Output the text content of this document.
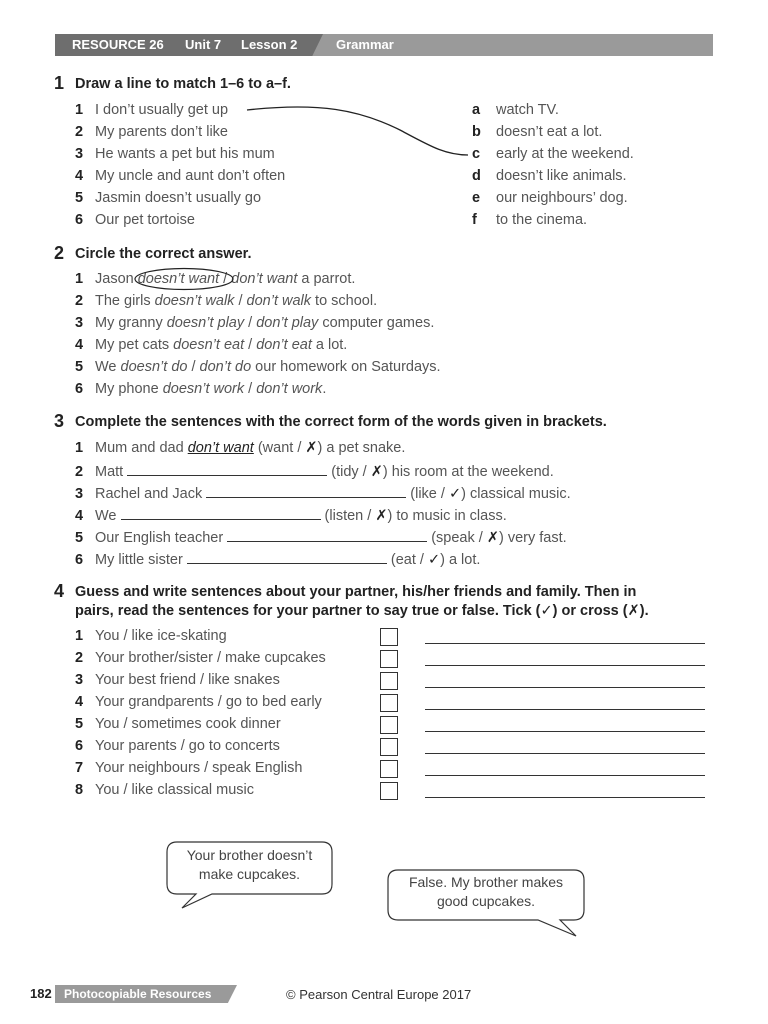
RESOURCE 26 Unit 7 Lesson 2	Grammar
1 Draw a line to match 1–6 to a–f.
1 I don’t usually get up
2 My parents don’t like
3 He wants a pet but his mum
4 My uncle and aunt don’t often
5 Jasmin doesn’t usually go
6 Our pet tortoise
a watch TV.
b doesn’t eat a lot.
c early at the weekend.
d doesn’t like animals.
e our neighbours’ dog.
f to the cinema.
2 Circle the correct answer.
1 Jason doesn’t want / don’t want a parrot.
2 The girls doesn’t walk / don’t walk to school.
3 My granny doesn’t play / don’t play computer games.
4 My pet cats doesn’t eat / don’t eat a lot.
5 We doesn’t do / don’t do our homework on Saturdays.
6 My phone doesn’t work / don’t work.
3 Complete the sentences with the correct form of the words given in brackets.
1 Mum and dad don’t want (want / ✗) a pet snake.
2 Matt	(tidy / ✗) his room at the weekend.
3 Rachel and Jack	(like / ✓) classical music.
4 We	(listen / ✗) to music in class.
5 Our English teacher	(speak / ✗) very fast.
6 My little sister	(eat / ✓) a lot.
4 Guess and write sentences about your partner, his/her friends and family. Then in
pairs, read the sentences for your partner to say true or false. Tick (✓) or cross (✗).
1 You / like ice-skating
2 Your brother/sister / make cupcakes
3 Your best friend / like snakes
4 Your grandparents / go to bed early
5 You / sometimes cook dinner
6 Your parents / go to concerts
7 Your neighbours / speak English
8 You / like classical music
Your brother doesn’t
make cupcakes.	False. My brother makes
good cupcakes.
182 Photocopiable Resources	© Pearson Central Europe 2017
